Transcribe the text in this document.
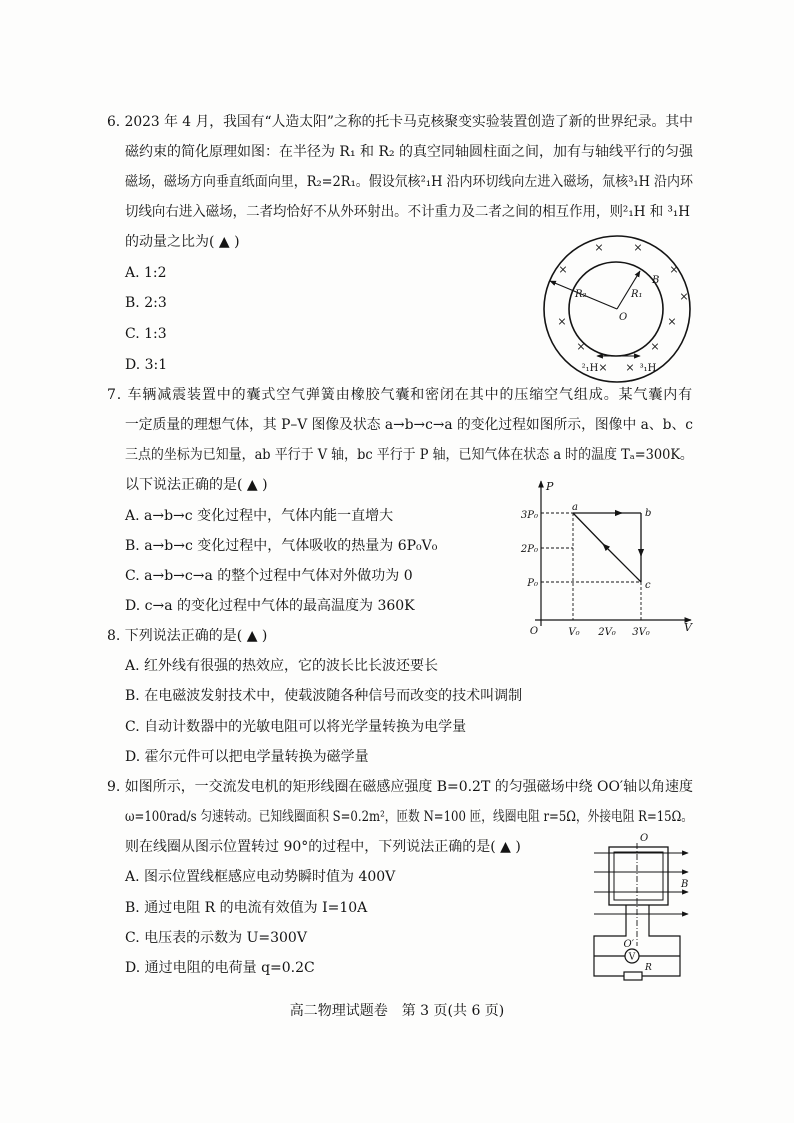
6. 2023 年 4 月，我国有“人造太阳”之称的托卡马克核聚变实验装置创造了新的世界纪录。其中
磁约束的简化原理如图：在半径为 R₁ 和 R₂ 的真空同轴圆柱面之间，加有与轴线平行的匀强
磁场，磁场方向垂直纸面向里，R₂=2R₁。假设氘核²₁H 沿内环切线向左进入磁场，氚核³₁H 沿内环
切线向右进入磁场，二者均恰好不从外环射出。不计重力及二者之间的相互作用，则²₁H 和 ³₁H
的动量之比为( ▲ )
A. 1:2
B. 2:3
C. 1:3
D. 3:1
R₂	R₁
O
B
×	×
×	×
×
×	×
×	×
× ×
²₁H	³₁H
7. 车辆减震装置中的囊式空气弹簧由橡胶气囊和密闭在其中的压缩空气组成。某气囊内有
一定质量的理想气体，其 P–V 图像及状态 a→b→c→a 的变化过程如图所示，图像中 a、b、c
三点的坐标为已知量，ab 平行于 V 轴，bc 平行于 P 轴，已知气体在状态 a 时的温度 Tₐ=300K。
以下说法正确的是( ▲ )
A. a→b→c 变化过程中，气体内能一直增大
B. a→b→c 变化过程中，气体吸收的热量为 6P₀V₀
C. a→b→c→a 的整个过程中气体对外做功为 0
D. c→a 的变化过程中气体的最高温度为 360K
P
V
O
3P₀
2P₀
P₀
V₀ 2V₀ 3V₀
a
b
c
8. 下列说法正确的是( ▲ )
A. 红外线有很强的热效应，它的波长比长波还要长
B. 在电磁波发射技术中，使载波随各种信号而改变的技术叫调制
C. 自动计数器中的光敏电阻可以将光学量转换为电学量
D. 霍尔元件可以把电学量转换为磁学量
9. 如图所示，一交流发电机的矩形线圈在磁感应强度 B=0.2T 的匀强磁场中绕 OO′轴以角速度
ω=100rad/s 匀速转动。已知线圈面积 S=0.2m²，匝数 N=100 匝，线圈电阻 r=5Ω，外接电阻 R=15Ω。
则在线圈从图示位置转过 90°的过程中，下列说法正确的是( ▲ )
A. 图示位置线框感应电动势瞬时值为 400V
B. 通过电阻 R 的电流有效值为 I=10A
C. 电压表的示数为 U=300V
D. 通过电阻的电荷量 q=0.2C
O
B
V
O′
R
高二物理试题卷　第 3 页(共 6 页)
